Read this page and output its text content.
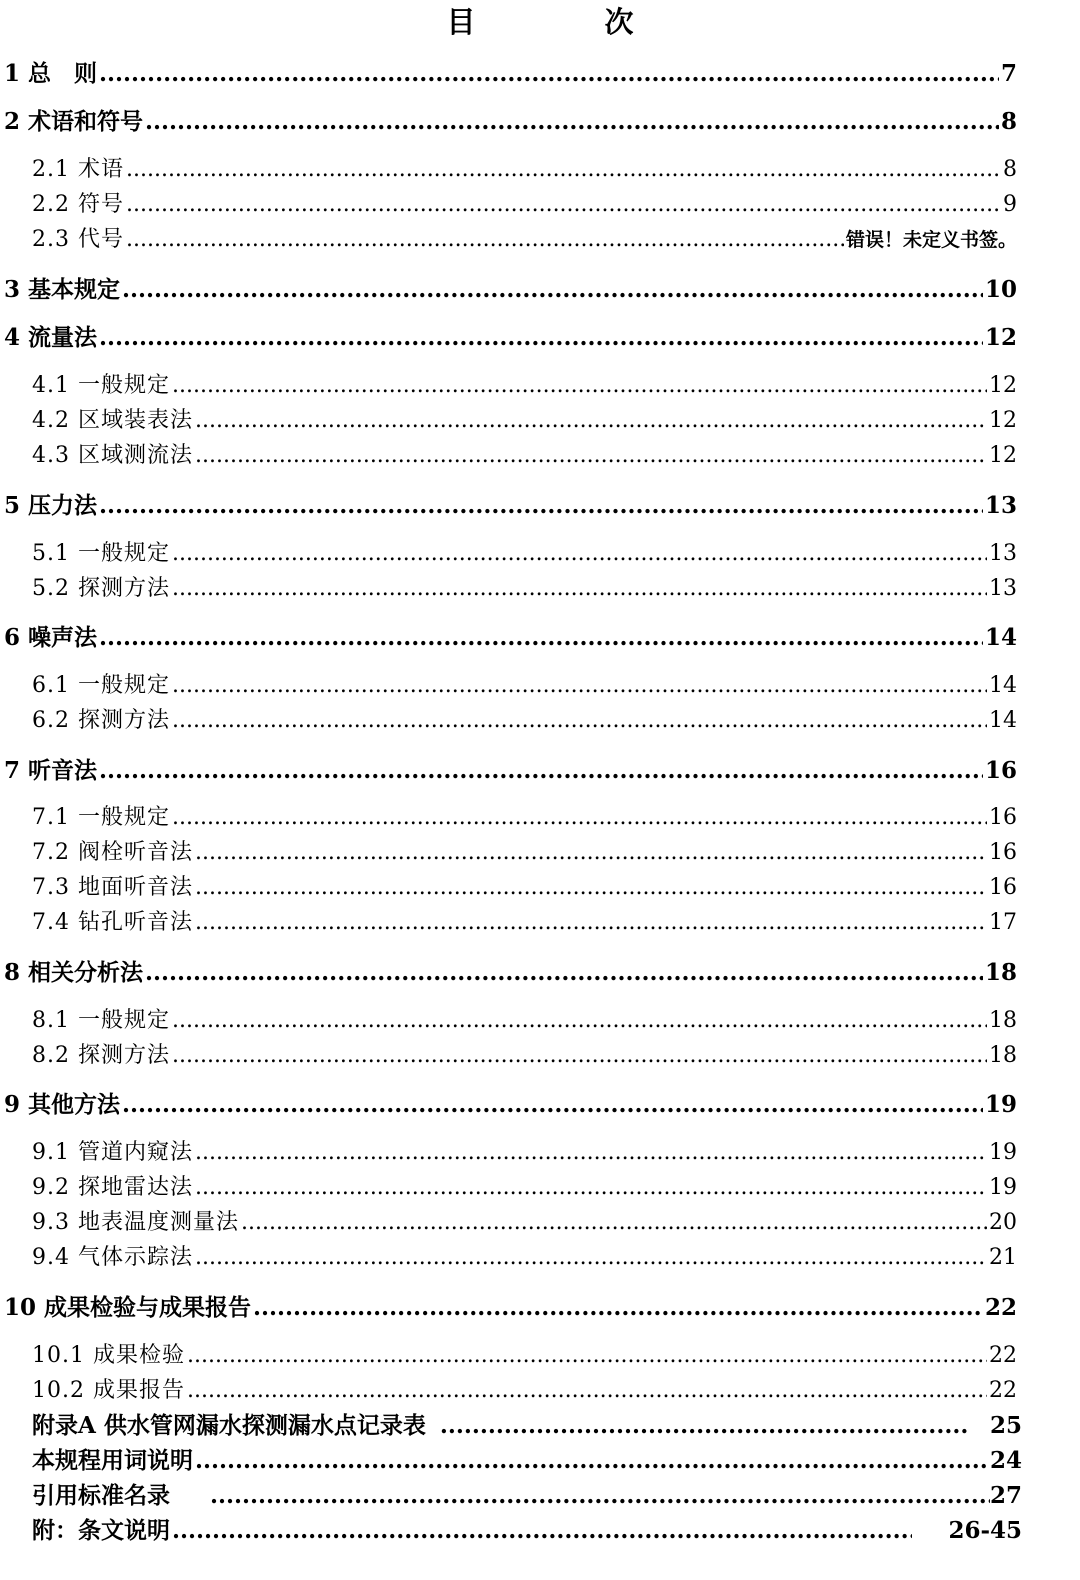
目　次
1 总　则 .....	7
2 术语和符号 .....	8
2.1 术语 .....	8
2.2 符号 .....	9
2.3 代号 .....	错误！未定义书签。
3 基本规定 .....	10
4 流量法 .....	12
4.1 一般规定 .....	12
4.2 区域装表法 .....	12
4.3 区域测流法 .....	12
5 压力法 .....	13
5.1 一般规定 .....	13
5.2 探测方法 .....	13
6 噪声法 .....	14
6.1 一般规定 .....	14
6.2 探测方法 .....	14
7 听音法 .....	16
7.1 一般规定 .....	16
7.2 阀栓听音法 .....	16
7.3 地面听音法 .....	16
7.4 钻孔听音法 .....	17
8 相关分析法 .....	18
8.1 一般规定 .....	18
8.2 探测方法 .....	18
9 其他方法 .....	19
9.1 管道内窥法 .....	19
9.2 探地雷达法 .....	19
9.3 地表温度测量法 .....	20
9.4 气体示踪法 .....	21
10 成果检验与成果报告 .....	22
10.1 成果检验 .....	22
10.2 成果报告 .....	22
附录A 供水管网漏水探测漏水点记录表 .....	25
本规程用词说明 .....	24
引用标准名录 .....	27
附：条文说明 .....	26-45
